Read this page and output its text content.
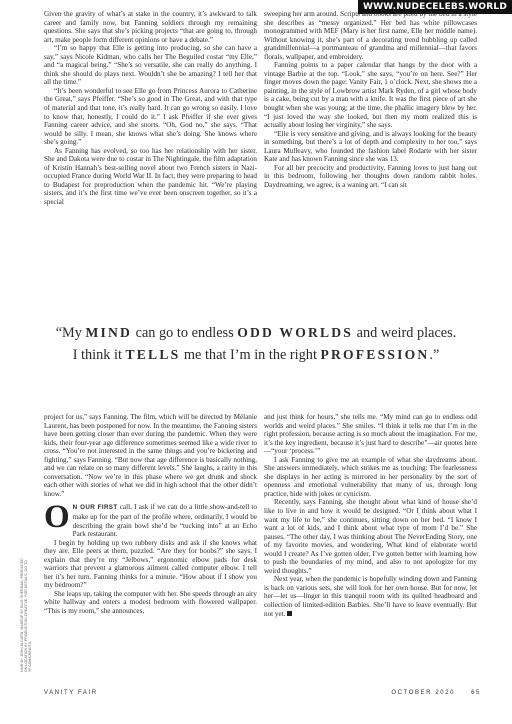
WWW.NUDECELEBS.WORLD

Given the gravity of what’s at stake in the country, it’s awkward to talk career and family now, but Fanning soldiers through my remaining questions. She says that she’s picking projects “that are going to, through art, make people form different opinions or have a debate.”

“I’m so happy that Elle is getting into producing, so she can have a say,” says Nicole Kidman, who calls her The Beguiled costar “my Elle,” and “a magical being.” “She’s so versatile, she can really do anything. I think she should do plays next. Wouldn’t she be amazing? I tell her that all the time.”

“It’s been wonderful to see Elle go from Princess Aurora to Catherine the Great,” says Pfeiffer. “She’s so good in The Great, and with that type of material and that tone, it’s really hard. It can go wrong so easily. I love to know that, honestly, I could do it.” I ask Pfeiffer if she ever gives Fanning career advice, and she snorts. “Oh, God no,” she says. “That would be silly. I mean, she knows what she’s doing. She knows where she’s going.”

As Fanning has evolved, so too has her relationship with her sister. She and Dakota were due to costar in The Nightingale, the film adaptation of Kristin Hannah’s best-selling novel about two French sisters in Nazi-occupied France during World War II. In fact, they were preparing to head to Budapest for preproduction when the pandemic hit. “We’re playing sisters, and it’s the first time we’ve ever been onscreen together, so it’s a special

sweeping her arm around. Scripts and books are piled by the bed in a style she describes as “messy organized.” Her bed has white pillowcases monogrammed with MEF (Mary is her first name, Elle her middle name). Without knowing it, she’s part of a decorating trend bubbling up called grandmillennial—a portmanteau of grandma and millennial—that favors florals, wallpaper, and embroidery.

Fanning points to a paper calendar that hangs by the door with a vintage Barbie at the top. “Look,” she says, “you’re on here. See?” Her finger moves down the page: Vanity Fair, 1 o’clock. Next, she shows me a painting, in the style of Lowbrow artist Mark Ryden, of a girl whose body is a cake, being cut by a man with a knife. It was the first piece of art she bought when she was young; at the time, the phallic imagery blew by her. “I just loved the way she looked, but then my mom realized this is actually about losing her virginity,” she says.

“Elle is very sensitive and giving, and is always looking for the beauty in something, but there’s a lot of depth and complexity to her too,” says Laura Mulleavy, who founded the fashion label Rodarte with her sister Kate and has known Fanning since she was 13.

For all her precocity and productivity, Fanning loves to just hang out in this bedroom, following her thoughts down random rabbit holes. Daydreaming, we agree, is a waning art. “I can sit

“My MIND can go to endless ODD WORLDS and weird places.
I think it TELLS me that I’m in the right PROFESSION.”

project for us,” says Fanning. The film, which will be directed by Mélanie Laurent, has been postponed for now. In the meantime, the Fanning sisters have been getting closer than ever during the pandemic. When they were kids, their four-year age difference sometimes seemed like a wide river to cross. “You’re not interested in the same things and you’re bickering and fighting,” says Fanning. “But now that age difference is basically nothing, and we can relate on so many different levels.” She laughs, a rarity in this conversation. “Now we’re in this phase where we get drunk and shock each other with stories of what we did in high school that the other didn’t know.”

O N OUR FIRST call, I ask if we can do a little show-and-tell to make up for the part of the profile where, ordinarily, I would be describing the grain bowl she’d be “tucking into” at an Echo Park restaurant.

I begin by holding up two rubbery disks and ask if she knows what they are. Elle peers at them, puzzled. “Are they for boobs?” she says. I explain that they’re my “Jelbows,” ergonomic elbow pads for desk warriors that prevent a glamorous ailment called computer elbow. I tell her it’s her turn. Fanning thinks for a minute. “How about if I show you my bedroom?”

She leaps up, taking the computer with her. She speeds through an airy white hallway and enters a modest bedroom with flowered wallpaper. “This is my room,” she announces,

and just think for hours,” she tells me. “My mind can go to endless odd worlds and weird places.” She smiles. “I think it tells me that I’m in the right profession, because acting is so much about the imagination. For me, it’s the key ingredient, because it’s just hard to describe”—air quotes here—“your ‘process.’”

I ask Fanning to give me an example of what she daydreams about. She answers immediately, which strikes me as touching: The fearlessness she displays in her acting is mirrored in her personality by the sort of openness and emotional vulnerability that many of us, through long practice, hide with jokes or cynicism.

Recently, says Fanning, she thought about what kind of house she’d like to live in and how it would be designed. “Or I think about what I want my life to be,” she continues, sitting down on her bed. “I know I want a lot of kids, and I think about what type of mom I’d be.” She pauses. “The other day, I was thinking about The NeverEnding Story, one of my favorite movies, and wondering, What kind of elaborate world would I create? As I’ve gotten older, I’ve gotten better with learning how to push the boundaries of my mind, and also to not apologize for my weird thoughts.”

Next year, when the pandemic is hopefully winding down and Fanning is back on various sets, she will look for her own house. But for now, let her—let us—linger in this tranquil room with its quilted headboard and collection of limited-edition Barbies. She’ll have to leave eventually. But not yet.

HAIR BY JOHN ALCORN; MAKEUP BY ELLE SHERMAN; PRODUCED ON LOCATION BY PRODUCTION CREATIVE. FOR DETAILS, GO TO VF.COM/CREDITS.
VANITY FAIR	OCTOBER 2020	65
